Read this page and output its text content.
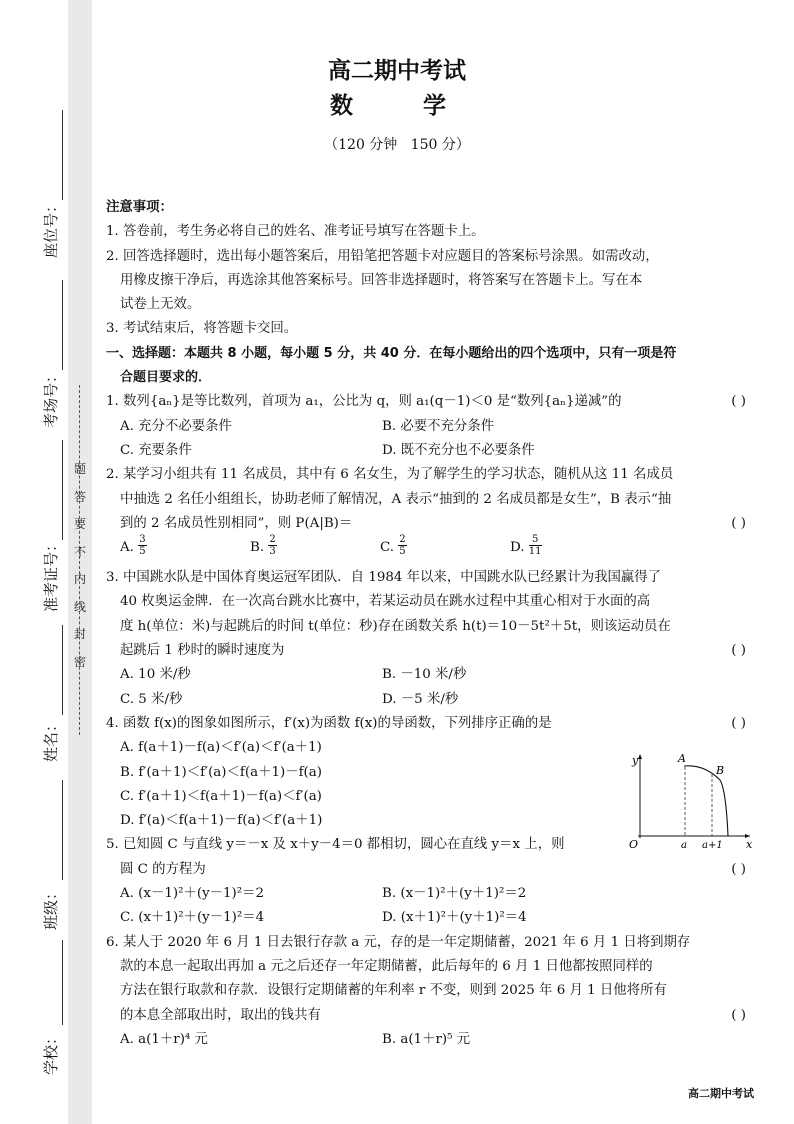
题
答
要
不
内
线
封
密
座位号：
考场号：
准考证号：
姓名：
班级：
学校：
高二期中考试
数  学
（120 分钟   150 分）
注意事项：
1. 答卷前，考生务必将自己的姓名、准考证号填写在答题卡上。
2. 回答选择题时，选出每小题答案后，用铅笔把答题卡对应题目的答案标号涂黑。如需改动，
用橡皮擦干净后，再选涂其他答案标号。回答非选择题时，将答案写在答题卡上。写在本
试卷上无效。
3. 考试结束后，将答题卡交回。
一、选择题：本题共 8 小题，每小题 5 分，共 40 分．在每小题给出的四个选项中，只有一项是符
合题目要求的．
1. 数列{aₙ}是等比数列，首项为 a₁，公比为 q，则 a₁(q－1)＜0 是“数列{aₙ}递减”的	( )
A. 充分不必要条件	B. 必要不充分条件
C. 充要条件	D. 既不充分也不必要条件
2. 某学习小组共有 11 名成员，其中有 6 名女生，为了解学生的学习状态，随机从这 11 名成员
中抽选 2 名任小组组长，协助老师了解情况，A 表示“抽到的 2 名成员都是女生”，B 表示“抽
到的 2 名成员性别相同”，则 P(A|B)＝	( )
A. $\frac{3}{5}$	B. $\frac{2}{3}$	C. $\frac{2}{5}$	D. $\frac{5}{11}$
3. 中国跳水队是中国体育奥运冠军团队．自 1984 年以来，中国跳水队已经累计为我国赢得了
40 枚奥运金牌．在一次高台跳水比赛中，若某运动员在跳水过程中其重心相对于水面的高
度 h(单位：米)与起跳后的时间 t(单位：秒)存在函数关系 h(t)＝10－5t²＋5t，则该运动员在
起跳后 1 秒时的瞬时速度为	( )
A. 10 米/秒	B. －10 米/秒
C. 5 米/秒	D. －5 米/秒
4. 函数 f(x)的图象如图所示，f′(x)为函数 f(x)的导函数，下列排序正确的是	( )
A. f(a＋1)－f(a)＜f′(a)＜f′(a＋1)
B. f′(a＋1)＜f′(a)＜f(a＋1)－f(a)
C. f′(a＋1)＜f(a＋1)－f(a)＜f′(a)
D. f′(a)＜f(a＋1)－f(a)＜f′(a＋1)
5. 已知圆 C 与直线 y＝－x 及 x＋y－4＝0 都相切，圆心在直线 y＝x 上，则
圆 C 的方程为	( )
A. (x－1)²＋(y－1)²＝2	B. (x－1)²＋(y＋1)²＝2
C. (x＋1)²＋(y－1)²＝4	D. (x＋1)²＋(y＋1)²＝4
6. 某人于 2020 年 6 月 1 日去银行存款 a 元，存的是一年定期储蓄，2021 年 6 月 1 日将到期存
款的本息一起取出再加 a 元之后还存一年定期储蓄，此后每年的 6 月 1 日他都按照同样的
方法在银行取款和存款．设银行定期储蓄的年利率 r 不变，则到 2025 年 6 月 1 日他将所有
的本息全部取出时，取出的钱共有	( )
A. a(1＋r)⁴ 元	B. a(1＋r)⁵ 元
y
x
O	a a+1
A
B
高二期中考试
